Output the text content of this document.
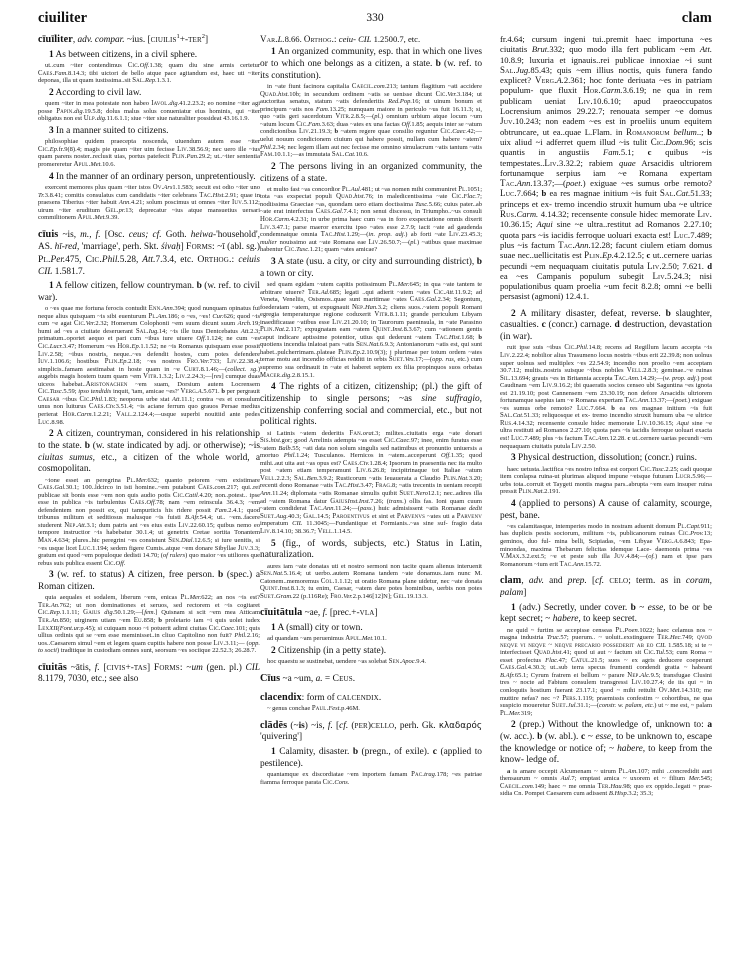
ciuiliter	330	clam
cīuīliter, adv. compar. ~ius. [ciuilis$^1$+-ter$^2$]
1 As between citizens, in a civil sphere.
ut..cum ~iter contendimus Cic.Off.1.38; quam diu sine armis certetur Caes.Fam.8.14.3; tibi uictori de bello atque pace agitandum est, haec uti ~iter deponas, illa ut quam iustissima..sit Sal.Rep.1.3.1.
2 According to civil law.
quem ~iter in mea potestate non habeo Iavol.dig.41.2.23.2; eo nomine ~iter agi posse Papin.dig.19.5.8; dolus malus solus conueniatur eius hominis, qui ~iter obligatus non est Ulp.dig.11.6.1.1; siue ~iter siue naturaliter possideat 43.16.1.9.
3 In a manner suited to citizens.
philosophiae quidem praecepta noscenda, uiuendum autem esse ~iter Cic.Ep.fr.9(8).4; magis pie quam ~iter uim fecisse Liv.38.56.9; nec uero ille ~ius quam parens noster..reclusit uias, portus patefecit Plin.Pan.29.2; ut..~iter sententia promereretur Apul.Met.10.6.
4 In the manner of an ordinary person, unpretentiously.
exercent memores plus quam ~iter istos Ov.Ars1.1.583; secuit est odio ~iter uno Tr.3.8.41; comitis consulatus cum candidatis ~iter celebrans Tac.Hist.2.91; quae in praesens Tiberius ~iter habuit Ann.4.21; solum poscimus ut omnes ~iter Iuv.5.112; uirum ~iter eruditum Gel.pr.13; deprecatur ~ius atque mansuetius uersari commilitonem Apul.Met.9.39.
cīuis ~is, m., f. [Osc. ceus; cf. Goth. heiwa-'household', AS. hī-red, 'marriage', perh. Skt. śivaḥ] Forms: ~ī (abl. sg.) Pl.Per.475, Cic.Phil.5.28, Att.7.3.4, etc. Orthog.: ceiuis CIL 1.581.7.
1 A fellow citizen, fellow countryman. b (w. ref. to civil war).
o ~es quae me fortuna ferocis contudit Enn.Ann.394; quod nunquam opinatus fui neque alius quisquam ~is sibi euenturum Pl.Am.186; o ~es, ~es! Cur.626; quod ~is cum ~e agat Cic.Ver.2.32; Homerum Colophonii ~em suum dicunt suum Arch.19; humi ad ~es a ciuitate deseruerant Sal.Iug.14; ~is ille tuus Dentcebatus Att.2.3; primatum..oportet aequo et pari cum ~ibus iure uiuere Off.1.124; ne cum ~es Cic.Lucr.3.47; Homerum ~es Hor.Ep.1.1.52; ne ~is Romanus quisquam esse possit Liv.2.58; ~ibus nostris, neque..~es defendit hostes, cum potes defendere Iuv.1.106.6; hostibus Plin.Ep.2.18; ~es nostros Fro.Ver.733; Liv.22.38.4; simplicis..famam aestimabat in hoste quam in ~e Curt.8.1.46;—(collect. sg.) augebis magis hostem tuum quam ~em Vitr.1.3.2; Liv.2.24.3;—[res] cumque duas uiceos habebat..Aristonachen ~em suam, Dorsium autem Locrensem Cic.Tusc.5.59; ipso tendidis inquit, 'tam, amicae ~es?' Verg.A.5.671. b per pergrauit Caesar ~ibus Cic.Phil.1.83; neoporus urbe stat Att.11.1; contra ~es et consulum unus non luiturus Caes.Civ.3.51.4; ~is aciane ferrum quo grauos Persae medius perierat Hor.Carm.1.2.21; Vall.2.124.4;—usque superbi nouitiid ante pedes Luc.8.98.
2 A citizen, countryman, considered in his relationship to the state. b (w. state indicated by adj. or otherwise); ~is ciuitas sumus, etc., a citizen of the whole world, a cosmopolitan.
~ione esset an peregrina Pl.Mer.632; quanto peiorem ~em existimare Caes.Gal.30.1; 100..ldcirco in isti homine..~em putabunt Caes.com.217; qui..rei publicae sit bonis esse ~em non quis audio potis Cic.Catil.4.20; non..potest.. ipse esse in publica ~is turbulentus Caes.Off.78; nam ~em reinscula 36.4.3; ~em defendentem non possit ex, qui tampurticis his ridere possit Fam.2.4.1; quod tribunus militum et seditiosus malusque ~is fuisti B.Afr.54.4; ut.. ~em..facere studerent Nep.Att.3.1; dum patris ani ~es eius estis Liv.22.60.15; quibus nemo eo tempore instructior ~is habebatur 30.1.4; ut genetrix Cretae sortita Tonantem Man.4.634; plures..hic peregrini ~es consistunt Sen.Dial.12.6.5; si iure uenitis, si ~es usque licet Luc.1.194; sedem figere Cumis..atque ~em donare Sibyllae Juv.3.3; gratum est quod ~em populoque dedisti 14.70; (of rulers) quo maior ~es utiliores que rebus suis publica essent Cic.Off.
3 (w. ref. to status) A citizen, free person. b (spec.) a Roman citizen.
quia aequales et sodalem, liberum ~em, enicas Pl.Mer.622; an nos ~is est? Ter.An.762; ut non dominationes et seruos, sed rectorem et ~is cogitaret Cic.Rep.1.1.11; Gaius dig.50.1.29;—[fem.] Quisnam si scit ~em mea Atticam Ter.An.850; uirginem utiam ~em Eu.858; b proletario iam ~i quis uolet iudex LexXII(Font.ur.p.45); si cuiquam nouo ~i potuerit adimi ciuitas Cic.Caec.101; quis ullius ordinis qui se ~em esse meminisset..in cliuo Capitolino non fuit? Phil.2.16; uos..Caesarem simul ~em et legem quam cupitis habere non posse Liv.3.11;— (opp. to socii) traditique in custodiam omnes sunt, seorsum ~es sociique 22.52.3; 26.28.7.
cīuitās ~ātis, f. [civis+-tas] Forms: ~um (gen. pl.) CIL 8.1179, 7030, etc.; see also
Var.L.8.66. Orthog.: ceiu- CIL 1.2500.7, etc.
1 An organized community, esp. that in which one lives or to which one belongs as a citizen, a state. b (w. ref. to its constitution).
in ~ate fiunt facinora capitalia Caecil.com.213; tantum flagitium ~ati accidere Quad.hist.10b; in secundum ordinem ~atis se uenisse dicunt Cic.Ver.3.184; ut auctoritas senatus, statum ~atis defenderitis Red.Pop.16; ut uinum bonum et principum ~atis nos Fam.13.25; numquam maiore in periculo ~us fuit 16.11.3; si, quo ~atis geri sacerdotum Vitr.2.8.5;—(pl.) omnium urbium atque locum ~um ~atum locum Cic.Fam.3.63; duas ~ates ex una factas Off.1.85; aequis inter se ~atum condicionibus Liv.21.19.3; b ~atem regere quae consilio reguntur Cic.Caec.42;—uelut nouum condicionem ciuium qui habere possit, nullam cum habere ~atem? Phil.2.34; nec legem illam aut nec fecisse me omnino simulacrum ~atis tantum ~atis Fam.10.1.1;—as immutata Sal.Cat.10.6.
2 The persons living in an organized community, the citizens of a state.
et multo fast ~as concordior Pl.Aul.481; ut ~as nomen mihi communiret Pl.1051; tota ~as exspectat populi Quad.hist.76; in maledicentissima ~ate Cic.Flac.7; nodiissima Graeciae ~as, quondam uero etiam doctissima Tusc.5.66; cuius pater..ab ~ate erat interfectus Caes.Gal.7.4.1; non senui discessu, in Triumpho..~us consuli Hor.Carm.4.2.31; in urbe prima haec cum ~as in foro exspectatione omnis dixerit Liv.3.47.1; parse maeror exercitu ipso ~ates esse 2.7.9; iacit ~ate ad gaudenda condemnatque omnia Tac.Hist.1.29;—(in. prop. adj.) ab forti ~ate Liv.23.45.3; mulier nouissimo aut ~ate Romana eae Liv.26.50.7;—(pl.) ~atibus quae maximae habentur Cic.Tusc.1.21; quam ~ates amicae?
3 A state (usu. a city, or city and surrounding district), b a town or city.
sed quam egidam ~utem capitis potissimum Pl.Mer.645; in qua ~ate tantem te arbitrare uiuere? Ter.Ad.685; legati ..qui adierit ~atem ~ates Cic.Att.11.9.2; ad Veneta, Veneliis, Osismos..quae sunt maritimae ~ates Caes.Gal.2.34; Segontum, foederatam ~atem, ut expugnauit Nep.Han.3.2; cliens suos..~atem populi Romani egregia temperaturque regione coduxerit Vitr.8.1.11; grande periculum Libyam inaedificauae ~atibus esse Liv.21.20.10; in Taurorum paeninsula, in ~ate Parasino Plin.Nat.2.117; expugnatam eam ~atem Quint.Inst.8.3.67; cum ~ationem gentis caput indicare aptissime potentior, utius qui dederunt ~atem Tac.Hist.1.68; b quotiens incendia inlatoat pars ~atis Sen.Nat.6.9.3; Antonianorum ~atis est, qui sunt habet..pulcherrimam..plateae Plin.Ep.2.10.9(3); j plurimae per totum ordem ~ates terrae motu aut incendio officias redditi in orbis Suet.Ves.17;—(opp. rus, etc.) cum supremo sua ordinauit in ~ate et haberet septem ex filia propinquos suos orbatas Macer.dig.2.8.15.1.
4 The rights of a citizen, citizenship; (pl.) the gift of citizenship to single persons; ~as sine suffragio, citizenship conferring social and commercial, etc., but not political rights.
si Latinis ~atem dederitis Fan.orat.3; milites..ciuitatis erga ~ate donari Sis.hist.gor; good Arrelinis adempta ~as esset Cic.Caec.97; inee, enim furatus esse ~atem Balb.55; ~ati data non solum singulis sed natimibus et pronuntio uniuersis a mortuo Phil.1.24; Tusculanos. Hernicos in ~atem..acceperunt Off.1.35; quod mihi..aut uita aut ~as opus est? Caes.Civ.1.28.4; Ipsorum in praesentia nec ita multo post ~atem etiam temperamunt Liv.6.26.8; incipitrinaque tot Italiae ~atum Vell.2.2.3; Sal.Ben.3.9.2; Rusticorum ~atis Ieuauerata a Claudio Plin.Nat.3.20; recenti dono Romanae ~atis Tac.Hist.3.47; Frag.8; ~atis trecentis in ueniam recepti Ann.11.24; diplomata ~atis Romanae simulis quibit Suet.Nero12.1; nec..adires illa ad ~atem Romana datur GaiusInst.Inst.7.26; (trans.) ollis fas. Ioni quam cuum ~atem condiderat Tac.Ann.11.24;—(pass.) huic admisissent ~atis Romanae dedit Suet.Aug.40.3; Gal.14.5; Paroentivus et sint et Parvenvs ~ates uti a Parvenv imperatum CIL 11.3045;—Fundaniique et Formianis..~as sine suf- fragio data Liv.8.14.10; 38.36.7; Vell.1.14.5.
5 (fig., of words, subjects, etc.) Status in Latin, naturalization.
aures iam ~ate donatas uti et nostro sermoni non tacite quam alienus interuenit Sen.Nat.5.16.4; ut uerbo..autem Romana tandem ~ate donamus..iam nunc M. Catonem..memoremus Col.1.1.12; ut oratio Romana plane uidetur, nec ~ate donata Quint.Inst.8.1.3; tu enim, Caesar, ~atem dare potes hominibus, uerbis non potes Suet.Gram.22 (p.116Re); Fro.Ver.2.p.146[12]N]; Gel.19.13.3.
cīuitātula ~ae, f. [prec.+-vla]
1 A (small) city or town.
ad quandam ~am peruenimus Apul.Met.10.1.
2 Citizenship (in a petty state).
hoc quaestu se sustinebat, uendere ~as solebat Sen.Apoc.9.4.
Cīus ~a ~um, a. = Ceus.
clacendix: form of calcendix.
~ genus conchae Paul.Fest.p.46M.
clādēs (~is) ~is, f. [cf. (per)cello, perh. Gk. κλαδαρός 'quivering']
1 Calamity, disaster. b (pregn., of exile). c (applied to pestilence).
quantamque ex discordiatae ~em inportem famam Pac.trag.178; ~es patriae fiamma ferroque parata Cic.Cons.
fr.4.64; cursum ingeni tui..premit haec importuna ~es ciuitatis Brut.332; quo modo illa fert publicam ~em Att. 10.8.9; luxuria et ignauis..rei publicae innoxiae ~i sunt Sal.Jug.85.43; quis ~em illius noctis, quis funera fando explicet? Verg.A.2.361; hoc fonte deriuata ~es in patriam populum- que fluxit Hor.Carm.3.6.19; ne qua in rem publicam ueniat Liv.10.6.10; apud praeoccupatos Locrensium animos 29.22.7; renouata semper ~e domus Juv.10.243; non eadem ~es est in proeliis unum equitem obtruncare, ut ea..quae L.Flam. in Romanorum bellum..; b uix aliud ~i adferret quem illud ~is tulit Cic.Dom.96; scis quantis in angustiis Fam.5.1; c quibus ~is tempestates..Liv.3.32.2; rabiem quae Arsacidis ultriorem fortunamque serpius iam ~e Romana expertam Tac.Ann.13.37;—(poet.) exiguae ~es sumus orbe remoto? Luc.7.664; b ea res magnae initium ~is fuit Sal.Cat.51.33; princeps et ex- tremo incendio struxit humum uba ~e ultrice Rus.Carm. 4.14.32; recensente consule hidec memorate Liv. 10.36.15; Aqui sine ~e ultra..restitut ad Romanos 2.27.10; quota pars ~is iacidis ferroque uoluari exacta est! Luc.7.489; plus ~is factum Tac.Ann.12.28; facunt ciulem etiam domus suae nec..uellicitatis est Plin.Ep.4.2.12.5; c ut..cernere uarias pecundi ~em nequaquam ciuitatis putula Liv.2.50; 7.621. d ea ~es Campanis populum subegit Liv.5.24.3; nisi populationibus quam proelia ~um fecit 8.2.8; omni ~e belli persasist (agmoni) 12.4.1.
2 A military disaster, defeat, reverse. b slaughter, casualties. c (concr.) carnage. d destruction, devastation (in war).
ruit ipse suis ~ibus Cic.Phil.14.8; recens ad Regillum lacum accepta ~is Liv.2.22.4; nobilior alius Trasumeno locus nostris ~ibus erit 22.39.8; non uolnus super uolnus sed multiplex ~es 22.54.9; incendio non proelio ~em acceptam 30.7.12; multis..nostris suisque ~ibus nobiles Vell.2.8.3; geminae..~e ruinas Sil.13.694; grauis ~es in Britannia accepta Tac.Ann.14.29;—(w. prop. adj.) post Caudinam ~em Liv.9.16.2; ibi quaeratis socios censeo ubi Saguntina ~es ignota est 21.19.10; post Cannensem ~em 23.30.19; non defore Arsacidis ultriorem fortunamque saepius iam ~e Romana expertam Tac.Ann.13.37;—(poet.) exiguae ~es sumus orbe remoto? Luc.7.664. b ea res magnae initium ~is fuit Sal.Cat.51.33; reliquosque et ex- tremo incendio struxit humum uba ~e ultrice Rus.4.14.32; recensente consule hidec memorate Liv.10.36.15; Aqui sine ~e ultra restituti ad Romanos 2.27.10; quota pars ~is iacidis ferroque uoluari exacta est! Luc.7.489; plus ~is factum Tac.Ann.12.28. c ut..cernere uarias pecundi ~em nequaquam ciuitatis putula Liv.2.50.
3 Physical destruction, dissolution; (concr.) ruins.
haec uetusta..lactifica ~es nostro infixa est corpori Cic.Tusc.2.25; cadi quoque item conlapsa ruina-ut plurimas aliquod impune ~eisque futuram Lucr.5.96;—urbs tota..corruit et Taygeti montis magna pars..abrupta ~em eam insuper ruina pressit Plin.Nat.2.191.
4 (applied to persons) A cause of calamity, scourge, pest, bane.
~es calamitasque, intemperies modo in nostram aduenit domum Pl.Capt.911; has duplicis pestis sociorum, militum ~is, publicanorum ruinas Cic.Prov.13; geminos, duo ful- mina belli, Scipiadas, ~em Libyae Verg.A.6.843; Epa- minondas, maxima Thebarum felicitas idemque Lace- daemonis prima ~es V.Max.3.2.ext.5; ~e et peste sub illa Juv.4.84;—(of.) nam et ipse pars Romanorum ~ium erit Tac.Ann.15.72.
clam, adv. and prep. [cf. celo; term. as in coram, palam]
1 (adv.) Secretly, under cover. b ~ esse, to be or be kept secret; ~ habere, to keep secret.
ne quid ~ furtim se accepisse censeas Pl.Poen.1022; haec celamus nos ~ magna industria Truc.57; puerum.. ~ uoluit..exstinguere Ter.Hec.749; qvod neqve vi neqve ~ neqve precario possederit ab eo CIL 1.585.18; si te ~ interfecisset Quad.hist.41; quod ui aut ~ factum sit Cic.Tul.53; cum Roma ~ esset profectus Flac.47; Catul.21.5; suos ~ ex agris deducere coeperunt Caes.Gal.4.30.3; ut..sub terra specus frumenti condendi gratia ~ habeant B.Afr.65.1; Cyrum fratrem ei bellum ~ parare Nep.Alc.9.5; transfugae Clusini tres ~ nocte ad Fabium consulem transgressi Liv.10.27.4; de iis qui ~ in conloquiis hostium fuerant 23.17.1; quod ~ mihi rettulit Ov.Met.14.310; me muttire nefas? nec ~? Pers.1.119; praemissis confestim ~ cohortibus, ne qua suspicio moueretur Suet.Jul.31.1;—(constr. w. palam, etc.) ut ~ me est, ~ palam Pl.Mer.319;
2 (prep.) Without the knowledge of, unknown to: a (w. acc.). b (w. abl.). c ~ esse, to be unknown to, escape the knowledge or notice of; ~ habere, to keep from the know- ledge of.
a is amare occepit Alcumenam ~ uirum Pl.Am.107; mihi ..concredidit auri thensaurum ~ omnis Aul.7; emptast amica ~ uxorem et ~ filium Mer.545; Caecil.com.149; haec ~ me omnia Ter.Hau.98; quo ex oppido..legati ~ prae- sidia Cn. Pompei Caesarem cum adissent B.Hisp.3.2; 35.3;
